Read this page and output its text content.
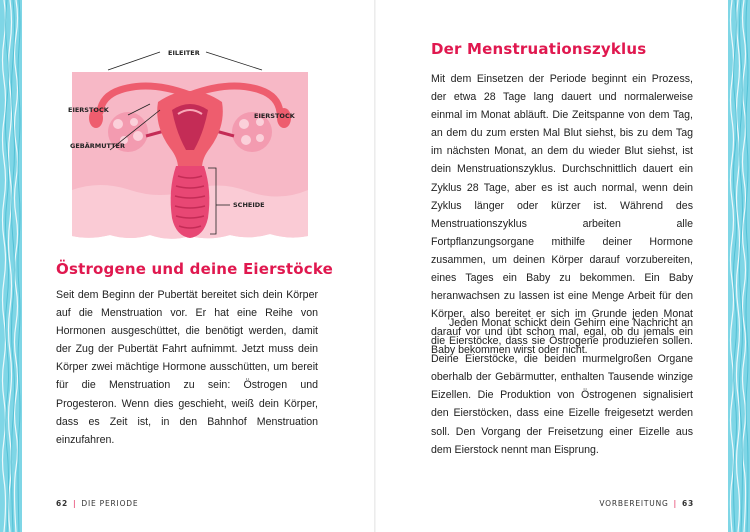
EILEITER
EIERSTOCK
EIERSTOCK
GEBÄRMUTTER
SCHEIDE
Östrogene und deine Eierstöcke

Seit dem Beginn der Pubertät bereitet sich dein Körper auf die Menstruation vor. Er hat eine Reihe von Hormonen ausgeschüttet, die benötigt werden, damit der Zug der Pubertät Fahrt aufnimmt. Jetzt muss dein Körper zwei mächtige Hormone ausschütten, um bereit für die Menstruation zu sein: Östrogen und Progesteron. Wenn dies geschieht, weiß dein Körper, dass es Zeit ist, in den Bahnhof Menstruation einzufahren.

Der Menstruationszyklus

Mit dem Einsetzen der Periode beginnt ein Prozess, der etwa 28 Tage lang dauert und normalerweise einmal im Monat abläuft. Die Zeitspanne von dem Tag, an dem du zum ersten Mal Blut siehst, bis zu dem Tag im nächsten Monat, an dem du wieder Blut siehst, ist dein Menstruationszyklus. Durchschnittlich dauert ein Zyklus 28 Tage, aber es ist auch normal, wenn dein Zyklus länger oder kürzer ist. Während des Menstruationszyklus arbeiten alle Fortpflanzungsorgane mithilfe deiner Hormone zusammen, um deinen Körper darauf vorzubereiten, eines Tages ein Baby zu bekommen. Ein Baby heranwachsen zu lassen ist eine Menge Arbeit für den Körper, also bereitet er sich im Grunde jeden Monat darauf vor und übt schon mal, egal, ob du jemals ein Baby bekommen wirst oder nicht.

Jeden Monat schickt dein Gehirn eine Nachricht an die Eierstöcke, dass sie Östrogene produzieren sollen. Deine Eierstöcke, die beiden murmelgroßen Organe oberhalb der Gebärmutter, enthalten Tausende winzige Eizellen. Die Produktion von Östrogenen signalisiert den Eierstöcken, dass eine Eizelle freigesetzt werden soll. Den Vorgang der Freisetzung einer Eizelle aus dem Eierstock nennt man Eisprung.

62 | DIE PERIODE	VORBEREITUNG | 63
